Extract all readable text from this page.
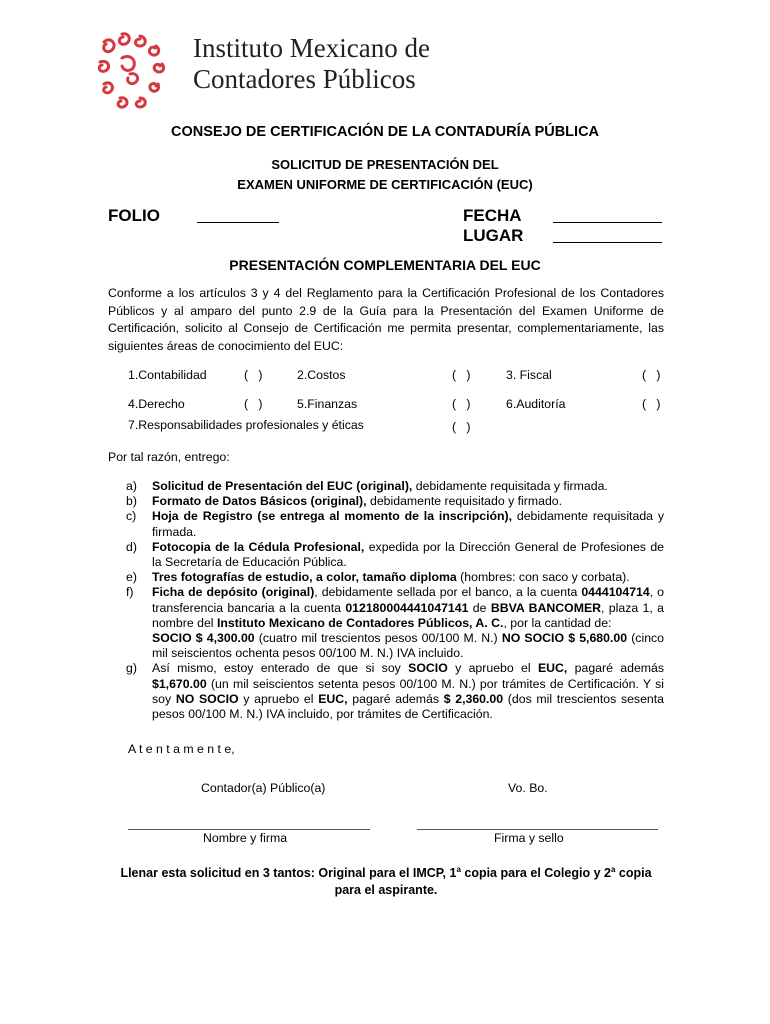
Instituto Mexicano de
Contadores Públicos
CONSEJO DE CERTIFICACIÓN DE LA CONTADURÍA PÚBLICA
SOLICITUD DE PRESENTACIÓN DEL
EXAMEN UNIFORME DE CERTIFICACIÓN (EUC)
FOLIO	FECHA
LUGAR
PRESENTACIÓN COMPLEMENTARIA DEL EUC
Conforme a los artículos 3 y 4 del Reglamento para la Certificación Profesional de los Contadores Públicos y al amparo del punto 2.9 de la Guía para la Presentación del Examen Uniforme de Certificación, solicito al Consejo de Certificación me permita presentar, complementariamente, las siguientes áreas de conocimiento del EUC:
1.Contabilidad	(   )	2.Costos	(   )	3. Fiscal	(   )
4.Derecho	(   )	5.Finanzas	(   )	6.Auditoría	(   )
7.Responsabilidades profesionales y éticas	(   )
Por tal razón, entrego:
a) Solicitud de Presentación del EUC (original), debidamente requisitada y firmada.
b) Formato de Datos Básicos (original), debidamente requisitado y firmado.
c) Hoja de Registro (se entrega al momento de la inscripción), debidamente requisitada y firmada.
d) Fotocopia de la Cédula Profesional, expedida por la Dirección General de Profesiones de la Secretaría de Educación Pública.
e) Tres fotografías de estudio, a color, tamaño diploma (hombres: con saco y corbata).
f) Ficha de depósito (original), debidamente sellada por el banco, a la cuenta 0444104714, o transferencia bancaria a la cuenta 012180004441047141 de BBVA BANCOMER, plaza 1, a nombre del Instituto Mexicano de Contadores Públicos, A. C., por la cantidad de:
SOCIO $ 4,300.00 (cuatro mil trescientos pesos 00/100 M. N.) NO SOCIO $ 5,680.00 (cinco mil seiscientos ochenta pesos 00/100 M. N.) IVA incluido.
g) Así mismo, estoy enterado de que si soy SOCIO y apruebo el EUC, pagaré además $1,670.00 (un mil seiscientos setenta pesos 00/100 M. N.) por trámites de Certificación. Y si soy NO SOCIO y apruebo el EUC, pagaré además $ 2,360.00 (dos mil trescientos sesenta pesos 00/100 M. N.) IVA incluido, por trámites de Certificación.
A t e n t a m e n t e,
Contador(a) Público(a)	Vo. Bo.
Nombre y firma	Firma y sello
Llenar esta solicitud en 3 tantos: Original para el IMCP, 1$^a$ copia para el Colegio y 2$^a$ copia para el aspirante.
